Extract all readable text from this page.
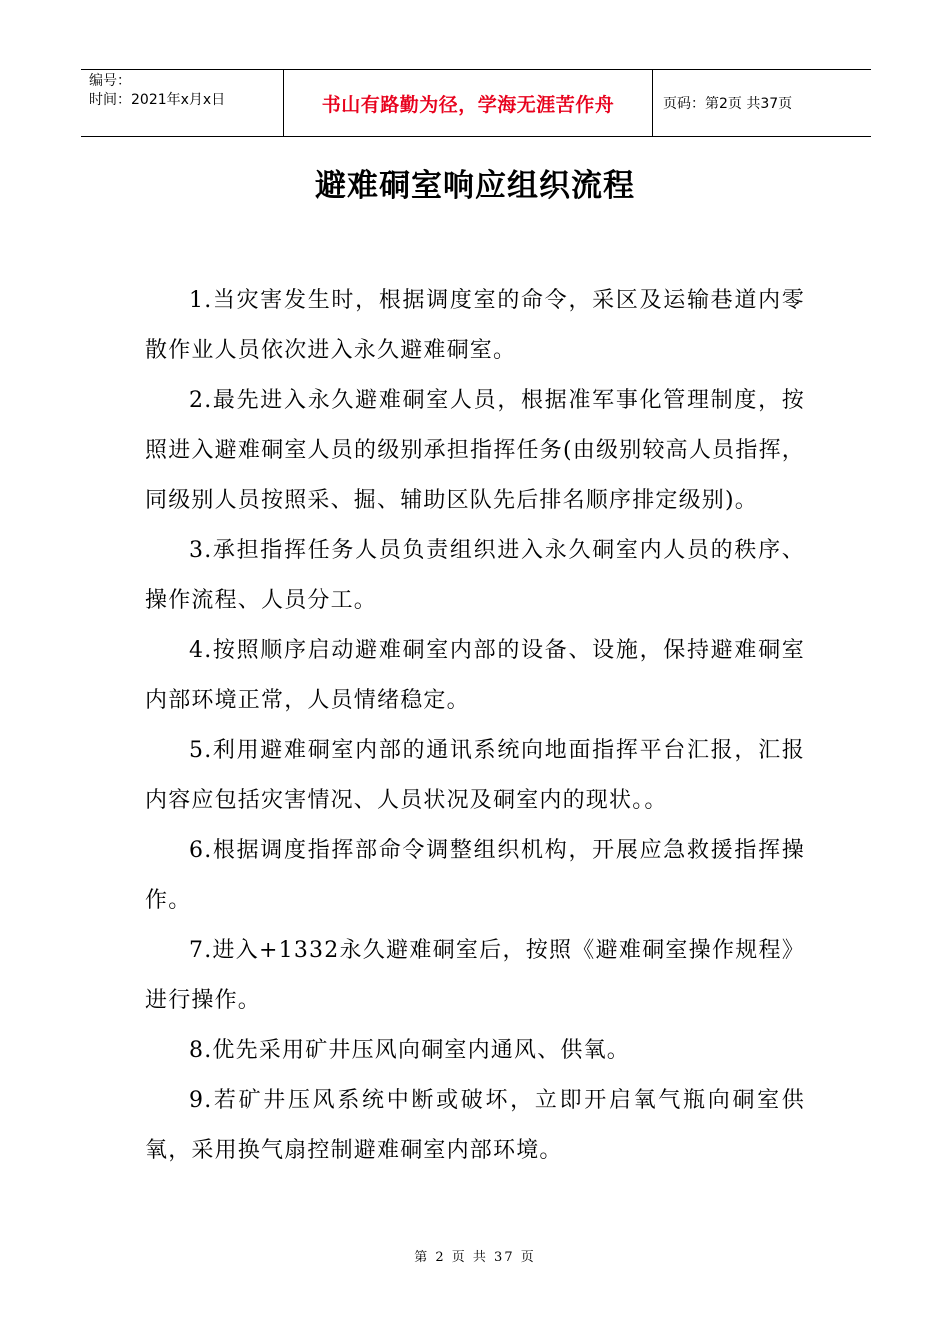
编号：
时间：2021年x月x日	书山有路勤为径，学海无涯苦作舟	页码：第2页 共37页
避难硐室响应组织流程

1.当灾害发生时，根据调度室的命令，采区及运输巷道内零散作业人员依次进入永久避难硐室。

2.最先进入永久避难硐室人员，根据准军事化管理制度，按照进入避难硐室人员的级别承担指挥任务(由级别较高人员指挥，同级别人员按照采、掘、辅助区队先后排名顺序排定级别)。

3.承担指挥任务人员负责组织进入永久硐室内人员的秩序、操作流程、人员分工。

4.按照顺序启动避难硐室内部的设备、设施，保持避难硐室内部环境正常，人员情绪稳定。

5.利用避难硐室内部的通讯系统向地面指挥平台汇报，汇报内容应包括灾害情况、人员状况及硐室内的现状。。

6.根据调度指挥部命令调整组织机构，开展应急救援指挥操作。

7.进入+1332永久避难硐室后，按照《避难硐室操作规程》进行操作。

8.优先采用矿井压风向硐室内通风、供氧。

9.若矿井压风系统中断或破坏，立即开启氧气瓶向硐室供氧，采用换气扇控制避难硐室内部环境。

第 2 页 共 37 页
